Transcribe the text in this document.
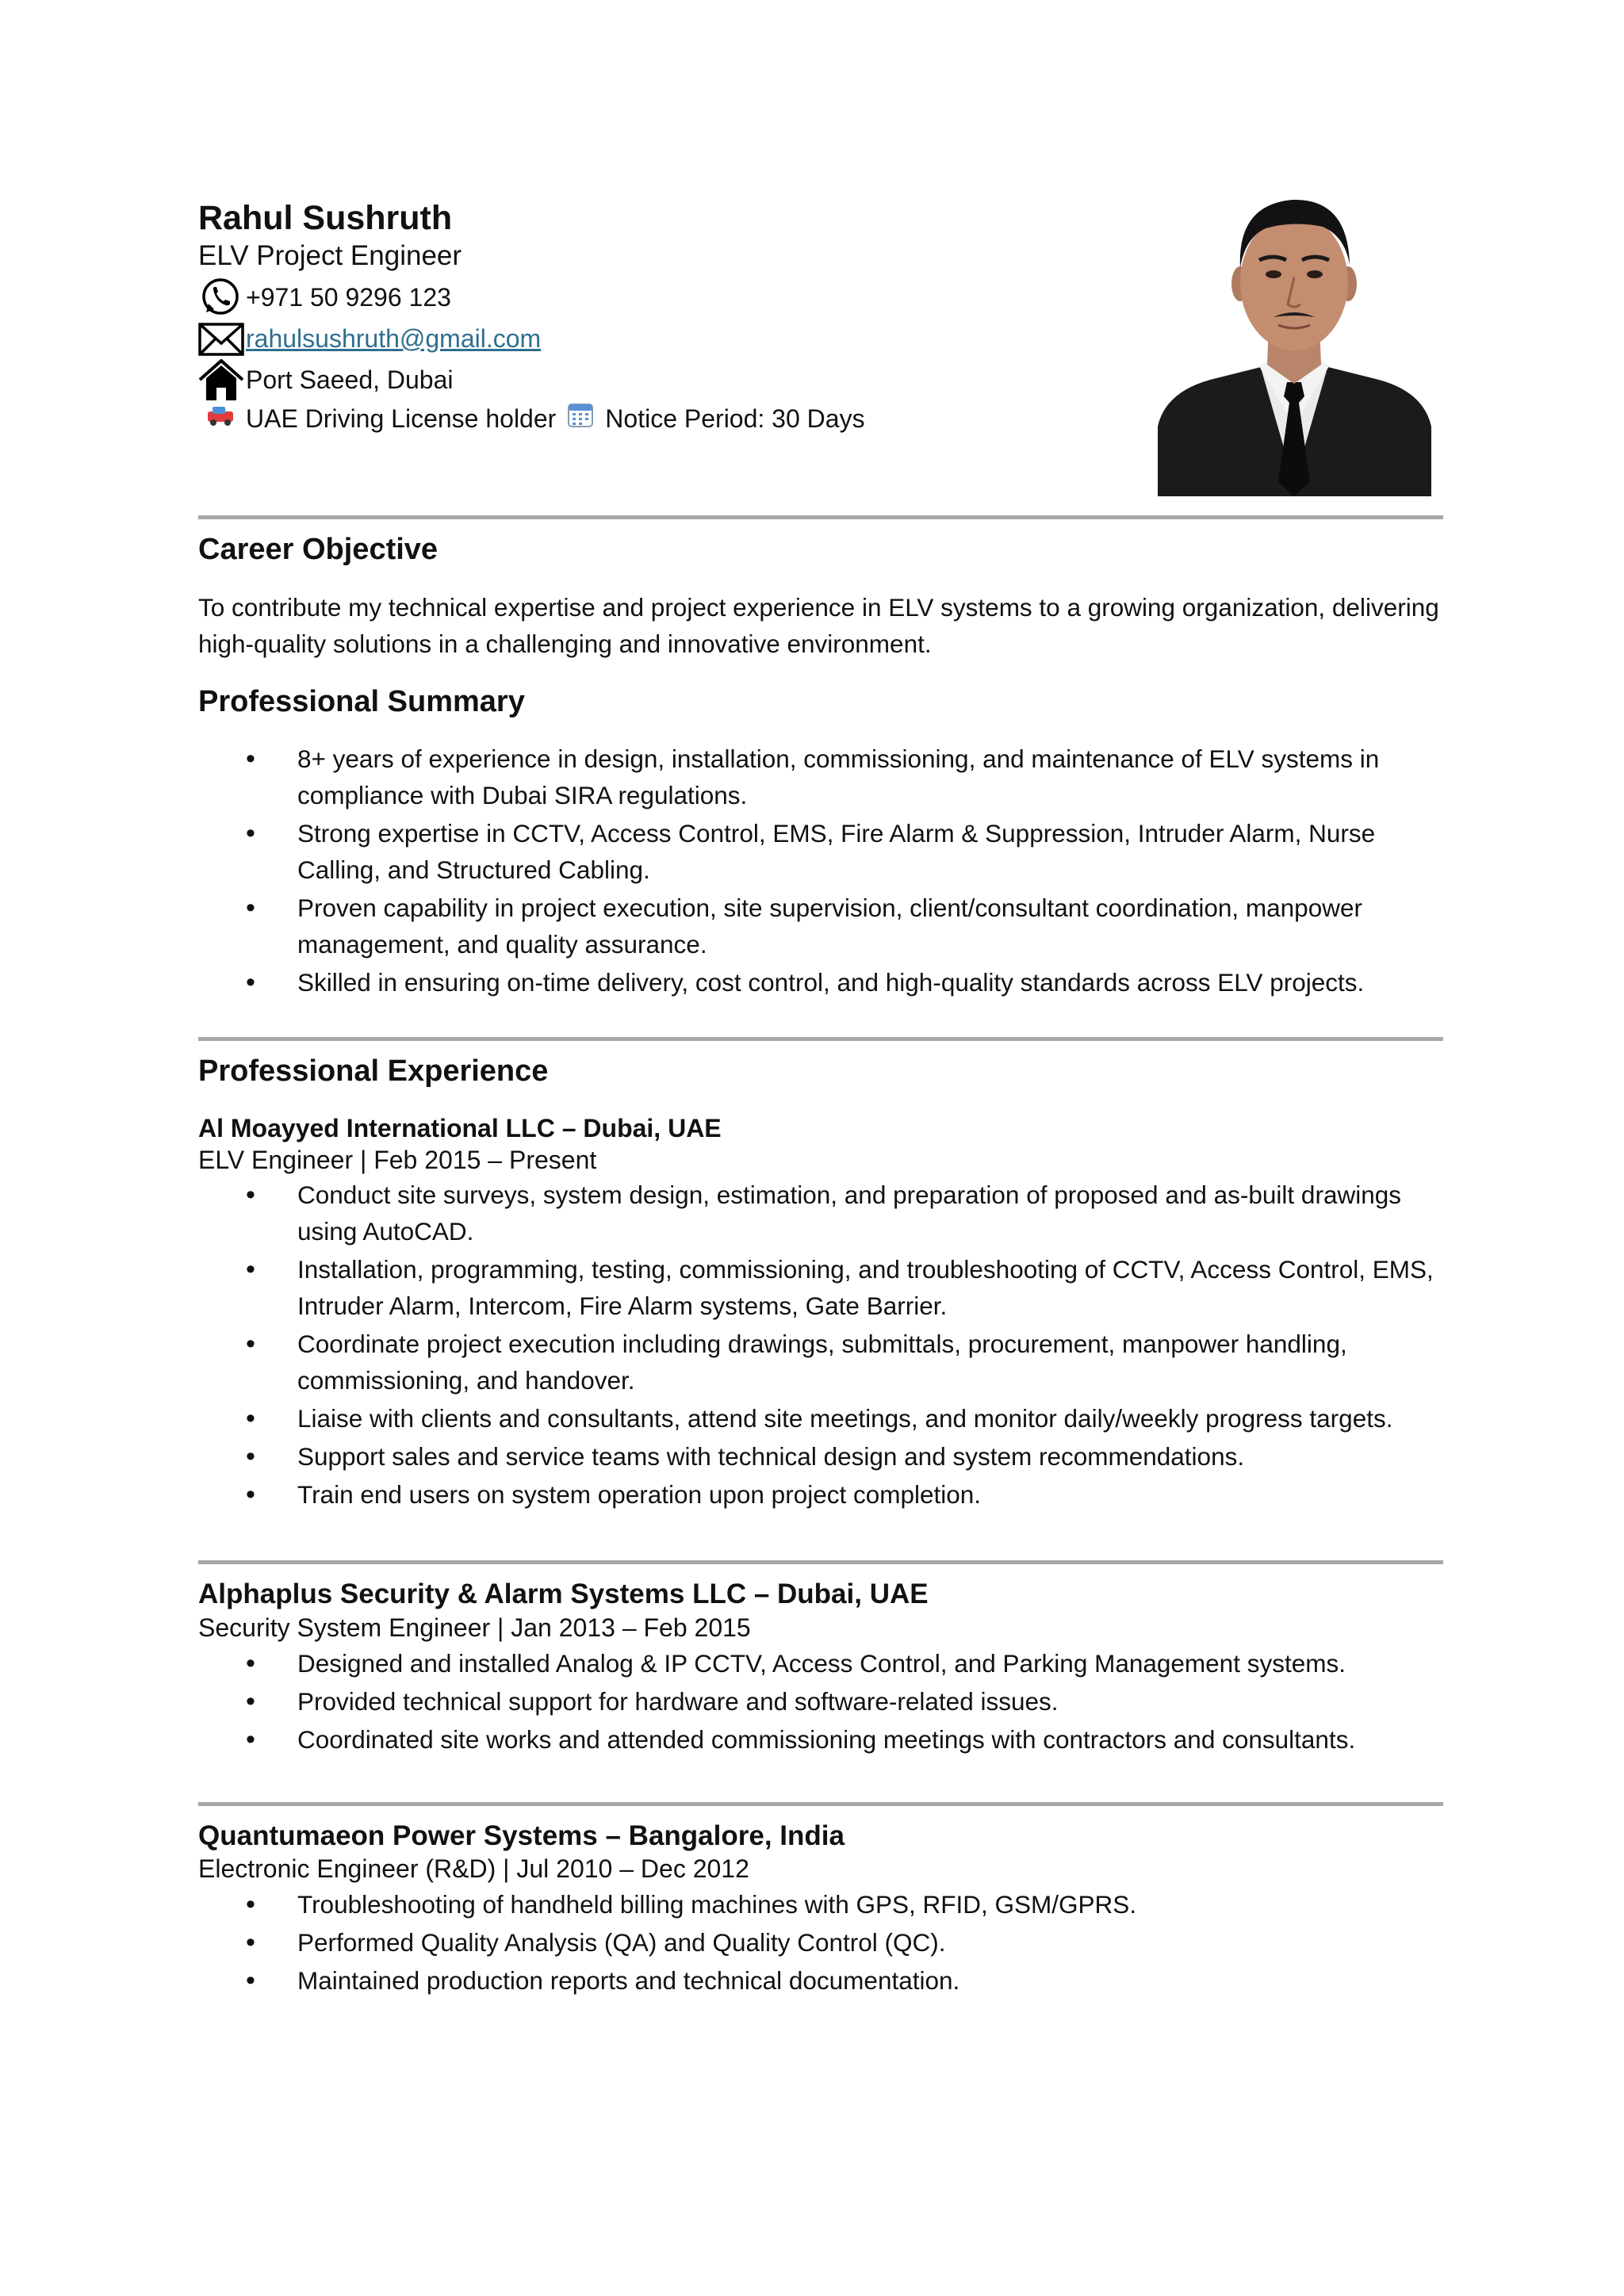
Rahul Sushruth
ELV Project Engineer
+971 50 9296 123
rahulsushruth@gmail.com
Port Saeed, Dubai
UAE Driving License holder Notice Period: 30 Days
Career Objective

To contribute my technical expertise and project experience in ELV systems to a growing organization, delivering high-quality solutions in a challenging and innovative environment.

Professional Summary
• 8+ years of experience in design, installation, commissioning, and maintenance of ELV systems in compliance with Dubai SIRA regulations.
• Strong expertise in CCTV, Access Control, EMS, Fire Alarm & Suppression, Intruder Alarm, Nurse Calling, and Structured Cabling.
• Proven capability in project execution, site supervision, client/consultant coordination, manpower management, and quality assurance.
• Skilled in ensuring on-time delivery, cost control, and high-quality standards across ELV projects.
Professional Experience
Al Moayyed International LLC – Dubai, UAE
ELV Engineer | Feb 2015 – Present
• Conduct site surveys, system design, estimation, and preparation of proposed and as-built drawings using AutoCAD.
• Installation, programming, testing, commissioning, and troubleshooting of CCTV, Access Control, EMS, Intruder Alarm, Intercom, Fire Alarm systems, Gate Barrier.
• Coordinate project execution including drawings, submittals, procurement, manpower handling, commissioning, and handover.
• Liaise with clients and consultants, attend site meetings, and monitor daily/weekly progress targets.
• Support sales and service teams with technical design and system recommendations.
• Train end users on system operation upon project completion.
Alphaplus Security & Alarm Systems LLC – Dubai, UAE
Security System Engineer | Jan 2013 – Feb 2015
• Designed and installed Analog & IP CCTV, Access Control, and Parking Management systems.
• Provided technical support for hardware and software-related issues.
• Coordinated site works and attended commissioning meetings with contractors and consultants.
Quantumaeon Power Systems – Bangalore, India
Electronic Engineer (R&D) | Jul 2010 – Dec 2012
• Troubleshooting of handheld billing machines with GPS, RFID, GSM/GPRS.
• Performed Quality Analysis (QA) and Quality Control (QC).
• Maintained production reports and technical documentation.
